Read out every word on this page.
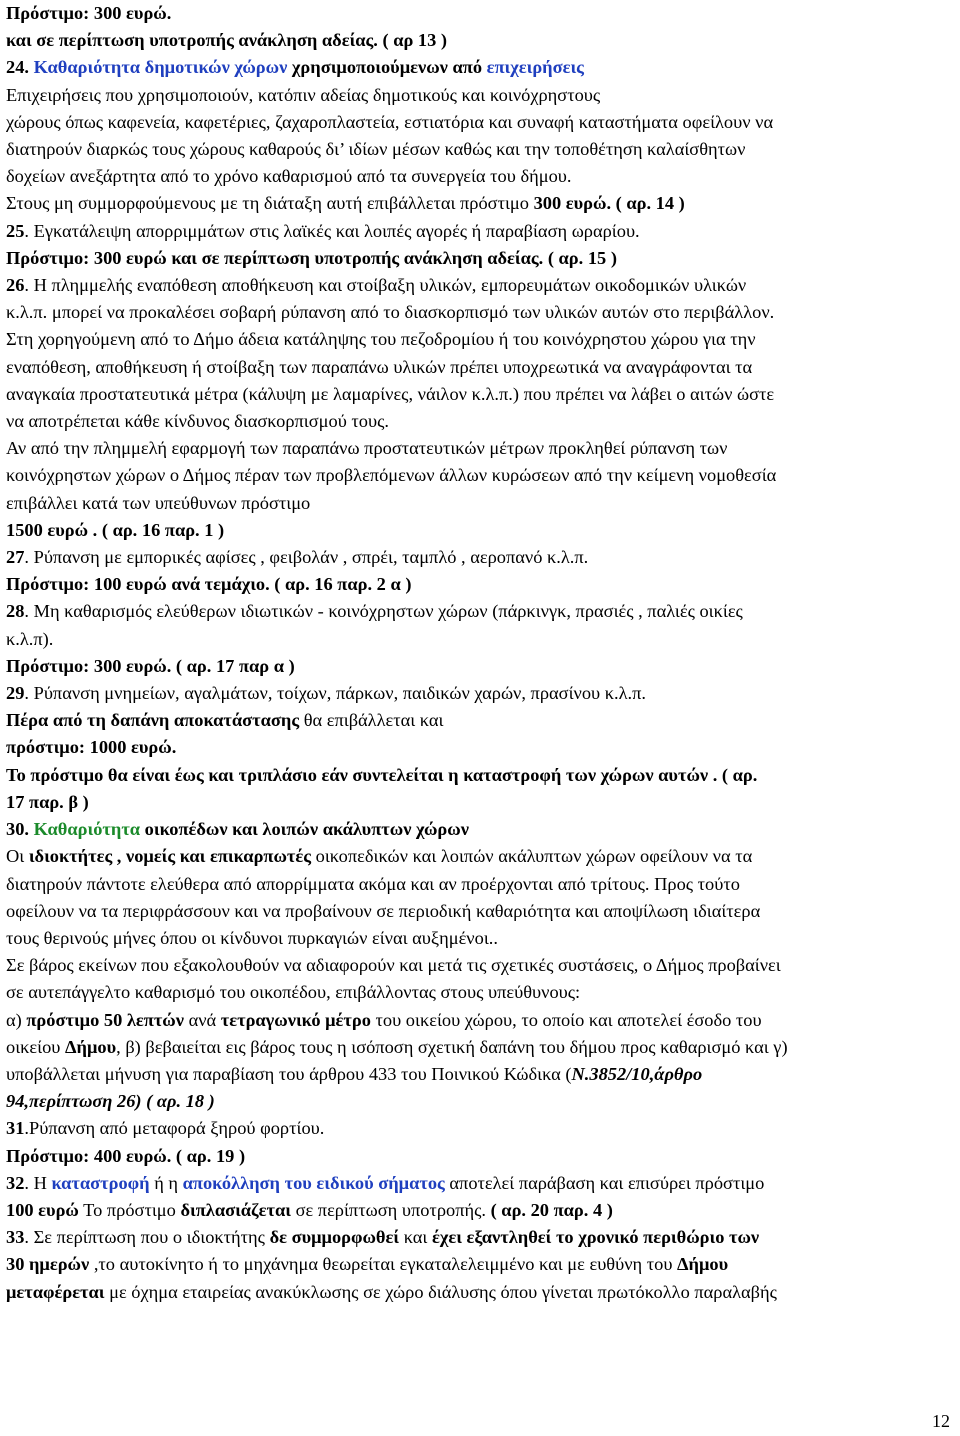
Πρόστιμο: 300 ευρώ.
και σε περίπτωση υποτροπής ανάκληση αδείας. ( αρ 13 )
24. Καθαριότητα δημοτικών χώρων χρησιμοποιούμενων από επιχειρήσεις
Επιχειρήσεις που χρησιμοποιούν, κατόπιν αδείας δημοτικούς και κοινόχρηστους
χώρους όπως καφενεία, καφετέριες, ζαχαροπλαστεία, εστιατόρια και συναφή καταστήματα οφείλουν να
διατηρούν διαρκώς τους χώρους καθαρούς δι’ ιδίων μέσων καθώς και την τοποθέτηση καλαίσθητων
δοχείων ανεξάρτητα από το χρόνο καθαρισμού από τα συνεργεία του δήμου.
Στους μη συμμορφούμενους με τη διάταξη αυτή επιβάλλεται πρόστιμο 300 ευρώ. ( αρ. 14 )
25. Εγκατάλειψη απορριμμάτων στις λαϊκές και λοιπές αγορές ή παραβίαση ωραρίου.
Πρόστιμο: 300 ευρώ και σε περίπτωση υποτροπής ανάκληση αδείας. ( αρ. 15 )
26. Η πλημμελής εναπόθεση αποθήκευση και στοίβαξη υλικών, εμπορευμάτων οικοδομικών υλικών
κ.λ.π. μπορεί να προκαλέσει σοβαρή ρύπανση από το διασκορπισμό των υλικών αυτών στο περιβάλλον.
Στη χορηγούμενη από το Δήμο άδεια κατάληψης του πεζοδρομίου ή του κοινόχρηστου χώρου για την
εναπόθεση, αποθήκευση ή στοίβαξη των παραπάνω υλικών πρέπει υποχρεωτικά να αναγράφονται τα
αναγκαία προστατευτικά μέτρα (κάλυψη με λαμαρίνες, νάιλον κ.λ.π.) που πρέπει να λάβει ο αιτών ώστε
να αποτρέπεται κάθε κίνδυνος διασκορπισμού τους.
Αν από την πλημμελή εφαρμογή των παραπάνω προστατευτικών μέτρων προκληθεί ρύπανση των
κοινόχρηστων χώρων ο Δήμος πέραν των προβλεπόμενων άλλων κυρώσεων από την κείμενη νομοθεσία
επιβάλλει κατά των υπεύθυνων πρόστιμο
1500 ευρώ . ( αρ. 16 παρ. 1 )
27. Ρύπανση με εμπορικές αφίσες , φειβολάν , σπρέι, ταμπλό , αεροπανό κ.λ.π.
Πρόστιμο: 100 ευρώ ανά τεμάχιο. ( αρ. 16 παρ. 2 α )
28. Μη καθαρισμός ελεύθερων ιδιωτικών - κοινόχρηστων χώρων (πάρκινγκ, πρασιές , παλιές οικίες
κ.λ.π).
Πρόστιμο: 300 ευρώ. ( αρ. 17 παρ α )
29. Ρύπανση μνημείων, αγαλμάτων, τοίχων, πάρκων, παιδικών χαρών, πρασίνου κ.λ.π.
Πέρα από τη δαπάνη αποκατάστασης θα επιβάλλεται και
πρόστιμο: 1000 ευρώ.
Το πρόστιμο θα είναι έως και τριπλάσιο εάν συντελείται η καταστροφή των χώρων αυτών . ( αρ.
17 παρ. β )
30. Καθαριότητα οικοπέδων και λοιπών ακάλυπτων χώρων
Οι ιδιοκτήτες , νομείς και επικαρπωτές οικοπεδικών και λοιπών ακάλυπτων χώρων οφείλουν να τα
διατηρούν πάντοτε ελεύθερα από απορρίμματα ακόμα και αν προέρχονται από τρίτους. Προς τούτο
οφείλουν να τα περιφράσσουν και να προβαίνουν σε περιοδική καθαριότητα και αποψίλωση ιδιαίτερα
τους θερινούς μήνες όπου οι κίνδυνοι πυρκαγιών είναι αυξημένοι..
Σε βάρος εκείνων που εξακολουθούν να αδιαφορούν και μετά τις σχετικές συστάσεις, ο Δήμος προβαίνει
σε αυτεπάγγελτο καθαρισμό του οικοπέδου, επιβάλλοντας στους υπεύθυνους:
α) πρόστιμο 50 λεπτών ανά τετραγωνικό μέτρο του οικείου χώρου, το οποίο και αποτελεί έσοδο του
οικείου Δήμου, β) βεβαιείται εις βάρος τους η ισόποση σχετική δαπάνη του δήμου προς καθαρισμό και γ)
υποβάλλεται μήνυση για παραβίαση του άρθρου 433 του Ποινικού Κώδικα (Ν.3852/10,άρθρο
94,περίπτωση 26) ( αρ. 18 )
31.Ρύπανση από μεταφορά ξηρού φορτίου.
Πρόστιμο: 400 ευρώ. ( αρ. 19 )
32. Η καταστροφή ή η αποκόλληση του ειδικού σήματος αποτελεί παράβαση και επισύρει πρόστιμο
100 ευρώ Το πρόστιμο διπλασιάζεται σε περίπτωση υποτροπής. ( αρ. 20 παρ. 4 )
33. Σε περίπτωση που ο ιδιοκτήτης δε συμμορφωθεί και έχει εξαντληθεί το χρονικό περιθώριο των
30 ημερών ,το αυτοκίνητο ή το μηχάνημα θεωρείται εγκαταλελειμμένο και με ευθύνη του Δήμου
μεταφέρεται με όχημα εταιρείας ανακύκλωσης σε χώρο διάλυσης όπου γίνεται πρωτόκολλο παραλαβής
12
